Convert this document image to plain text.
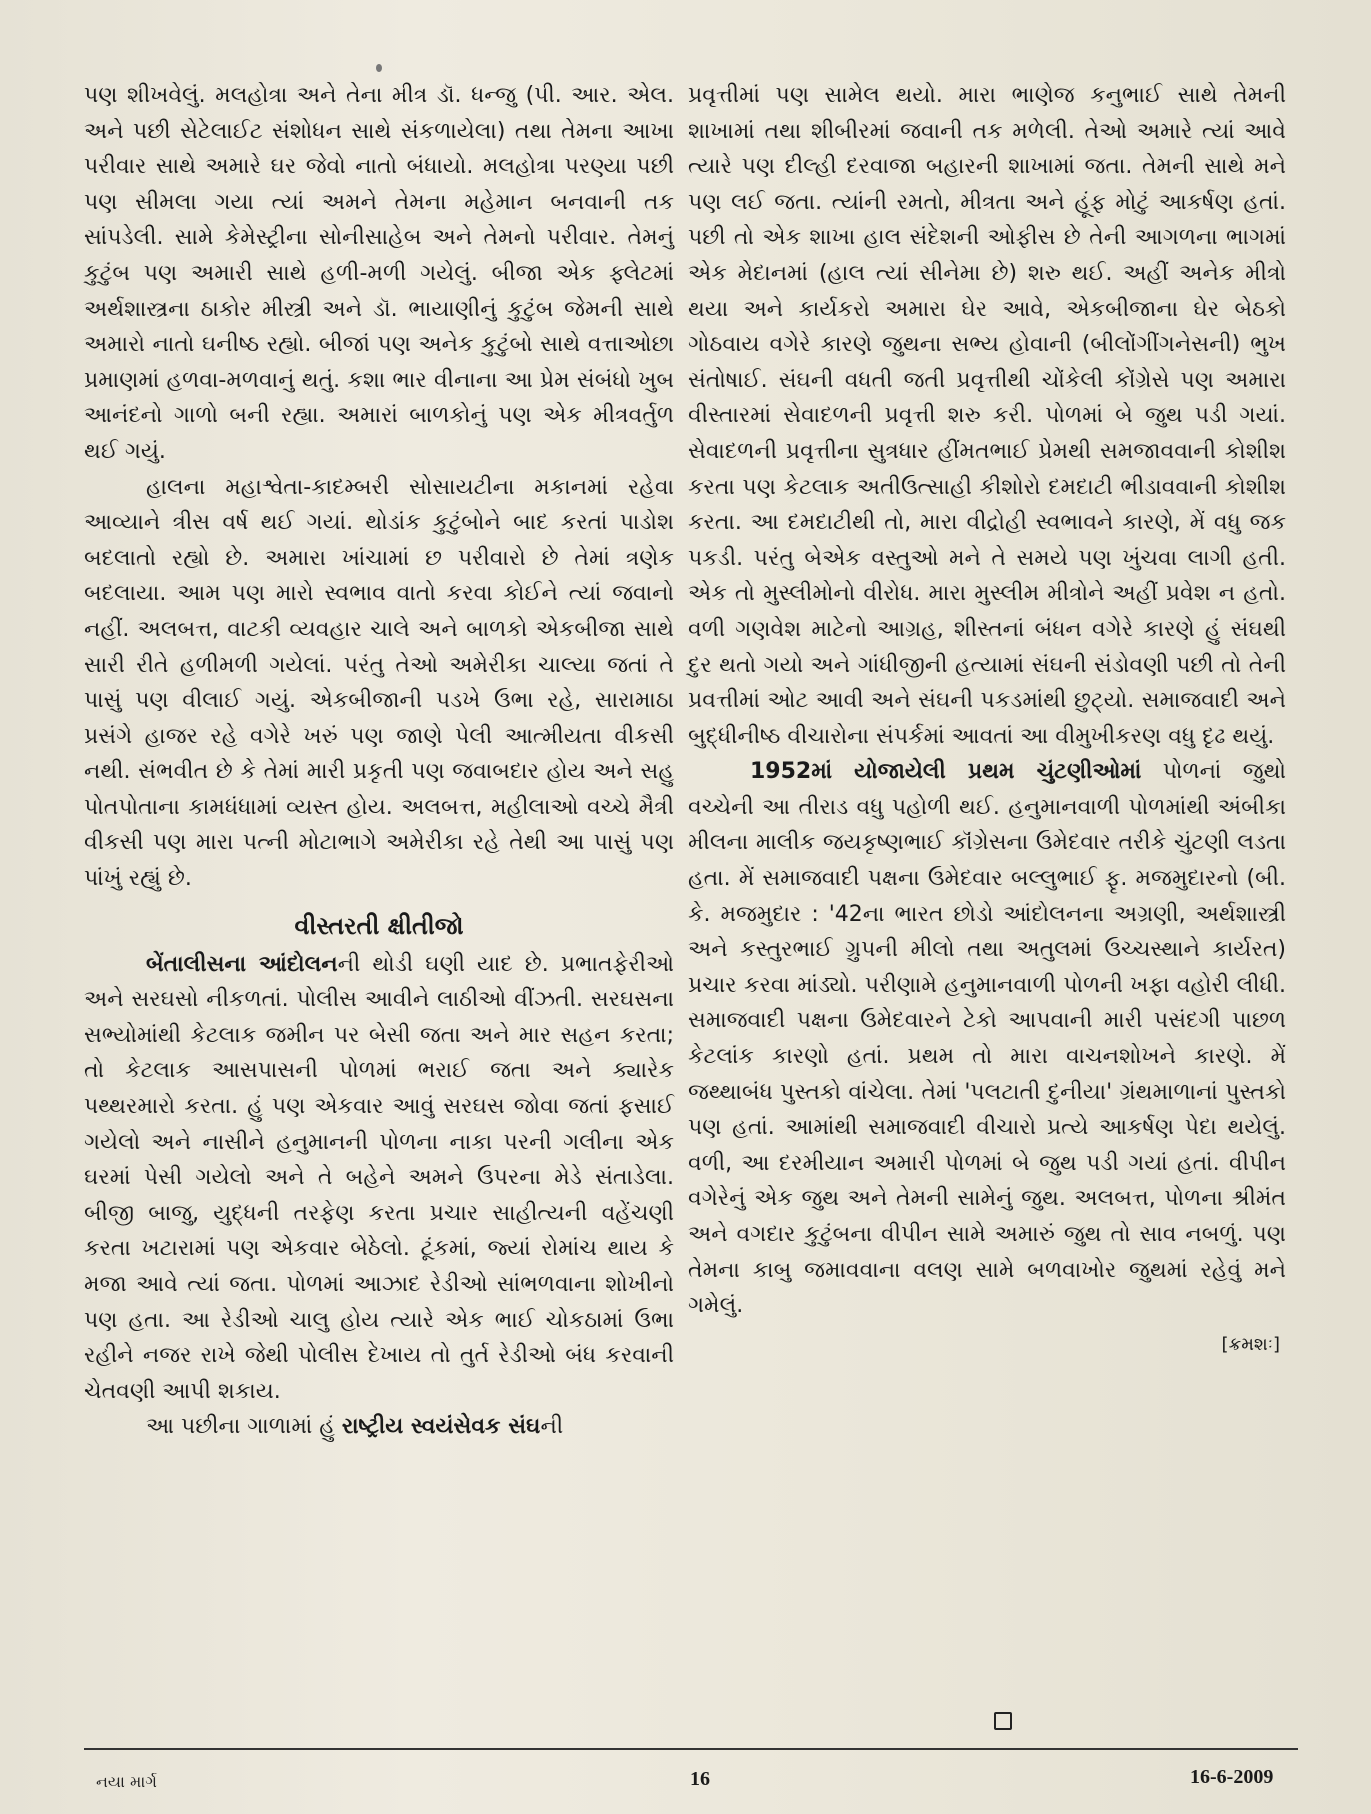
પણ શીખવેલું. મલહોત્રા અને તેના મીત્ર ડૉ. ધન્જુ (પી. આર. એલ. અને પછી સેટેલાઈટ સંશોધન સાથે સંકળાયેલા) તથા તેમના આખા પરીવાર સાથે અમારે ઘર જેવો નાતો બંધાયો. મલહોત્રા પરણ્યા પછી પણ સીમલા ગયા ત્યાં અમને તેમના મહેમાન બનવાની તક સાંપડેલી. સામે કેમેસ્ટ્રીના સોનીસાહેબ અને તેમનો પરીવાર. તેમનું કુટુંબ પણ અમારી સાથે હળી-મળી ગયેલું. બીજા એક ફ્લેટમાં અર્થશાસ્ત્રના ઠાકોર મીસ્ત્રી અને ડૉ. ભાયાણીનું કુટુંબ જેમની સાથે અમારો નાતો ઘનીષ્ઠ રહ્યો. બીજાં પણ અનેક કુટુંબો સાથે વત્તાઓછા પ્રમાણમાં હળવા-મળવાનું થતું. કશા ભાર વીનાના આ પ્રેમ સંબંધો ખુબ આનંદનો ગાળો બની રહ્યા. અમારાં બાળકોનું પણ એક મીત્રવર્તુળ થઈ ગયું.

હાલના મહાશ્વેતા-કાદમ્બરી સોસાયટીના મકાનમાં રહેવા આવ્યાને ત્રીસ વર્ષ થઈ ગયાં. થોડાંક કુટુંબોને બાદ કરતાં પાડોશ બદલાતો રહ્યો છે. અમારા ખાંચામાં છ પરીવારો છે તેમાં ત્રણેક બદલાયા. આમ પણ મારો સ્વભાવ વાતો કરવા કોઈને ત્યાં જવાનો નહીં. અલબત્ત, વાટકી વ્યવહાર ચાલે અને બાળકો એકબીજા સાથે સારી રીતે હળીમળી ગયેલાં. પરંતુ તેઓ અમેરીકા ચાલ્યા જતાં તે પાસું પણ વીલાઈ ગયું. એકબીજાની પડખે ઉભા રહે, સારામાઠા પ્રસંગે હાજર રહે વગેરે ખરું પણ જાણે પેલી આત્મીયતા વીકસી નથી. સંભવીત છે કે તેમાં મારી પ્રકૃતી પણ જવાબદાર હોય અને સહુ પોતપોતાના કામધંધામાં વ્યસ્ત હોય. અલબત્ત, મહીલાઓ વચ્ચે મૈત્રી વીકસી પણ મારા પત્ની મોટાભાગે અમેરીકા રહે તેથી આ પાસું પણ પાંખું રહ્યું છે.

વીસ્તરતી ક્ષીતીજો

બેંતાલીસના આંદોલનની થોડી ઘણી યાદ છે. પ્રભાતફેરીઓ અને સરઘસો નીકળતાં. પોલીસ આવીને લાઠીઓ વીંઝતી. સરઘસના સભ્યોમાંથી કેટલાક જમીન પર બેસી જતા અને માર સહન કરતા; તો કેટલાક આસપાસની પોળમાં ભરાઈ જતા અને ક્યારેક પથ્થરમારો કરતા. હું પણ એકવાર આવું સરઘસ જોવા જતાં ફસાઈ ગયેલો અને નાસીને હનુમાનની પોળના નાકા પરની ગલીના એક ઘરમાં પેસી ગયેલો અને તે બહેને અમને ઉપરના મેડે સંતાડેલા. બીજી બાજુ, યુદ્ધની તરફેણ કરતા પ્રચાર સાહીત્યની વહેંચણી કરતા ખટારામાં પણ એકવાર બેઠેલો. ટૂંકમાં, જ્યાં રોમાંચ થાય કે મજા આવે ત્યાં જતા. પોળમાં આઝાદ રેડીઓ સાંભળવાના શોખીનો પણ હતા. આ રેડીઓ ચાલુ હોય ત્યારે એક ભાઈ ચોકઠામાં ઉભા રહીને નજર રાખે જેથી પોલીસ દેખાય તો તુર્ત રેડીઓ બંધ કરવાની ચેતવણી આપી શકાય.

આ પછીના ગાળામાં હું રાષ્ટ્રીય સ્વયંસેવક સંઘની

પ્રવૃત્તીમાં પણ સામેલ થયો. મારા ભાણેજ કનુભાઈ સાથે તેમની શાખામાં તથા શીબીરમાં જવાની તક મળેલી. તેઓ અમારે ત્યાં આવે ત્યારે પણ દીલ્હી દરવાજા બહારની શાખામાં જતા. તેમની સાથે મને પણ લઈ જતા. ત્યાંની રમતો, મીત્રતા અને હૂંફ મોટું આકર્ષણ હતાં. પછી તો એક શાખા હાલ સંદેશની ઓફીસ છે તેની આગળના ભાગમાં એક મેદાનમાં (હાલ ત્યાં સીનેમા છે) શરુ થઈ. અહીં અનેક મીત્રો થયા અને કાર્યકરો અમારા ઘેર આવે, એકબીજાના ઘેર બેઠકો ગોઠવાય વગેરે કારણે જુથના સભ્ય હોવાની (બીલોંગીંગનેસની) ભુખ સંતોષાઈ. સંઘની વધતી જતી પ્રવૃત્તીથી ચોંકેલી કોંગ્રેસે પણ અમારા વીસ્તારમાં સેવાદળની પ્રવૃત્તી શરુ કરી. પોળમાં બે જુથ પડી ગયાં. સેવાદળની પ્રવૃત્તીના સુત્રધાર હીંમતભાઈ પ્રેમથી સમજાવવાની કોશીશ કરતા પણ કેટલાક અતીઉત્સાહી કીશોરો દમદાટી ભીડાવવાની કોશીશ કરતા. આ દમદાટીથી તો, મારા વીદ્રોહી સ્વભાવને કારણે, મેં વધુ જક પકડી. પરંતુ બેએક વસ્તુઓ મને તે સમયે પણ ખુંચવા લાગી હતી. એક તો મુસ્લીમોનો વીરોધ. મારા મુસ્લીમ મીત્રોને અહીં પ્રવેશ ન હતો. વળી ગણવેશ માટેનો આગ્રહ, શીસ્તનાં બંધન વગેરે કારણે હું સંઘથી દુર થતો ગયો અને ગાંધીજીની હત્યામાં સંઘની સંડોવણી પછી તો તેની પ્રવત્તીમાં ઓટ આવી અને સંઘની પકડમાંથી છુટ્યો. સમાજવાદી અને બુદ્ધીનીષ્ઠ વીચારોના સંપર્કમાં આવતાં આ વીમુખીકરણ વધુ દૃઢ થયું.

1952માં યોજાયેલી પ્રથમ ચુંટણીઓમાં પોળનાં જુથો વચ્ચેની આ તીરાડ વધુ પહોળી થઈ. હનુમાનવાળી પોળમાંથી અંબીકા મીલના માલીક જયકૃષ્ણભાઈ કૉંગ્રેસના ઉમેદવાર તરીકે ચુંટણી લડતા હતા. મેં સમાજવાદી પક્ષના ઉમેદવાર બલ્લુભાઈ ફૃ. મજમુદારનો (બી. કે. મજમુદાર : '42ના ભારત છોડો આંદોલનના અગ્રણી, અર્થશાસ્ત્રી અને કસ્તુરભાઈ ગ્રુપની મીલો તથા અતુલમાં ઉચ્ચસ્થાને કાર્યરત) પ્રચાર કરવા માંડ્યો. પરીણામે હનુમાનવાળી પોળની ખફા વહોરી લીધી. સમાજવાદી પક્ષના ઉમેદવારને ટેકો આપવાની મારી પસંદગી પાછળ કેટલાંક કારણો હતાં. પ્રથમ તો મારા વાચનશોખને કારણે. મેં જથ્થાબંધ પુસ્તકો વાંચેલા. તેમાં 'પલટાતી દુનીયા' ગ્રંથમાળાનાં પુસ્તકો પણ હતાં. આમાંથી સમાજવાદી વીચારો પ્રત્યે આકર્ષણ પેદા થયેલું. વળી, આ દરમીયાન અમારી પોળમાં બે જુથ પડી ગયાં હતાં. વીપીન વગેરેનું એક જુથ અને તેમની સામેનું જુથ. અલબત્ત, પોળના શ્રીમંત અને વગદાર કુટુંબના વીપીન સામે અમારું જુથ તો સાવ નબળું. પણ તેમના કાબુ જમાવવાના વલણ સામે બળવાખોર જુથમાં રહેવું મને ગમેલું.

[ક્રમશઃ]
નયા માર્ગ	16	16-6-2009
